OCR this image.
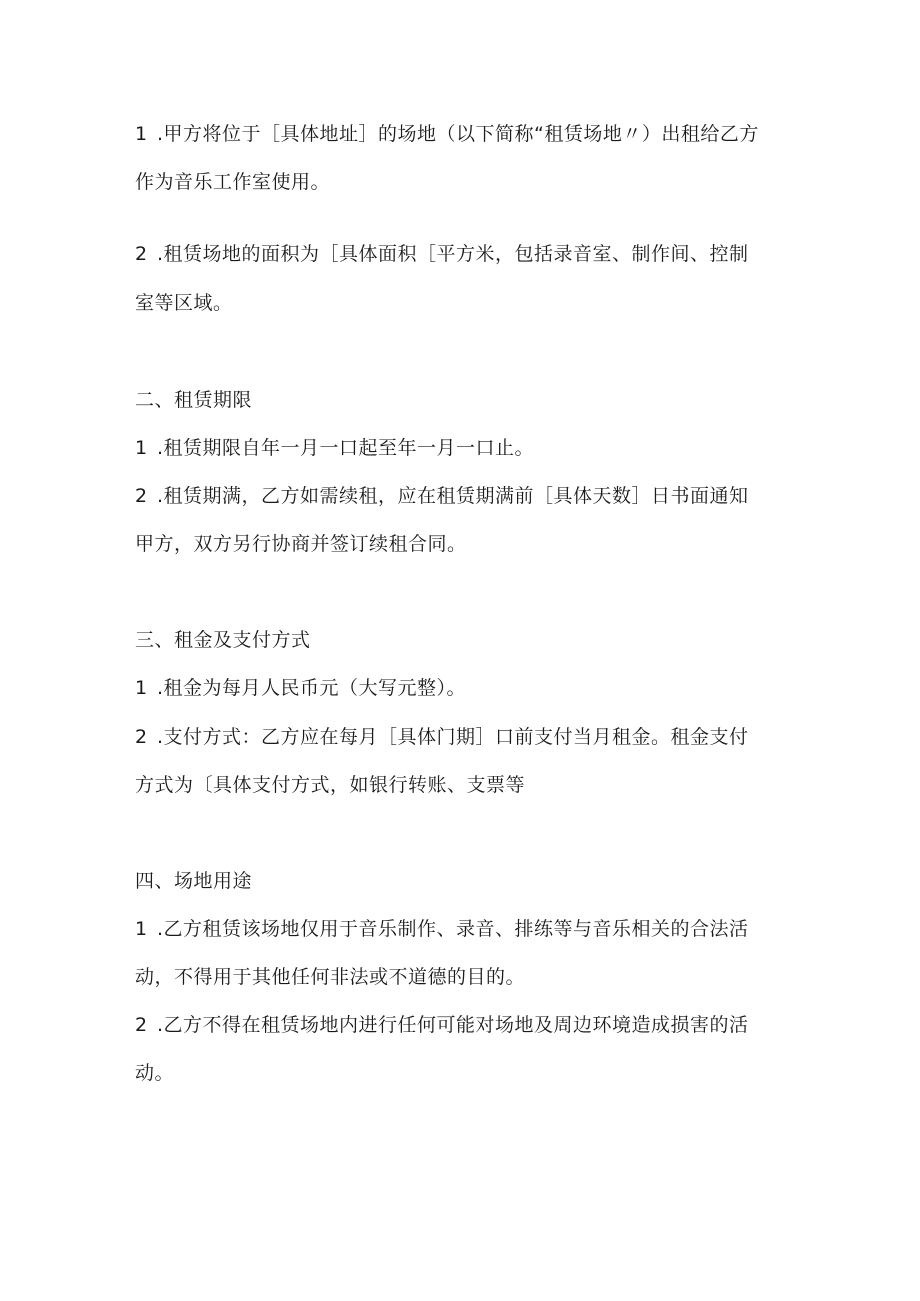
1 .甲方将位于［具体地址］的场地（以下简称“租赁场地〃）出租给乙方
作为音乐工作室使用。
2 .租赁场地的面积为［具体面积［平方米，包括录音室、制作间、控制
室等区域。
二、租赁期限
1 .租赁期限自年一月一口起至年一月一口止。
2 .租赁期满，乙方如需续租，应在租赁期满前［具体天数］日书面通知
甲方，双方另行协商并签订续租合同。
三、租金及支付方式
1 .租金为每月人民币元（大写元整）。
2 .支付方式：乙方应在每月［具体门期］口前支付当月租金。租金支付
方式为〔具体支付方式，如银行转账、支票等
四、场地用途
1 .乙方租赁该场地仅用于音乐制作、录音、排练等与音乐相关的合法活
动，不得用于其他任何非法或不道德的目的。
2 .乙方不得在租赁场地内进行任何可能对场地及周边环境造成损害的活
动。
